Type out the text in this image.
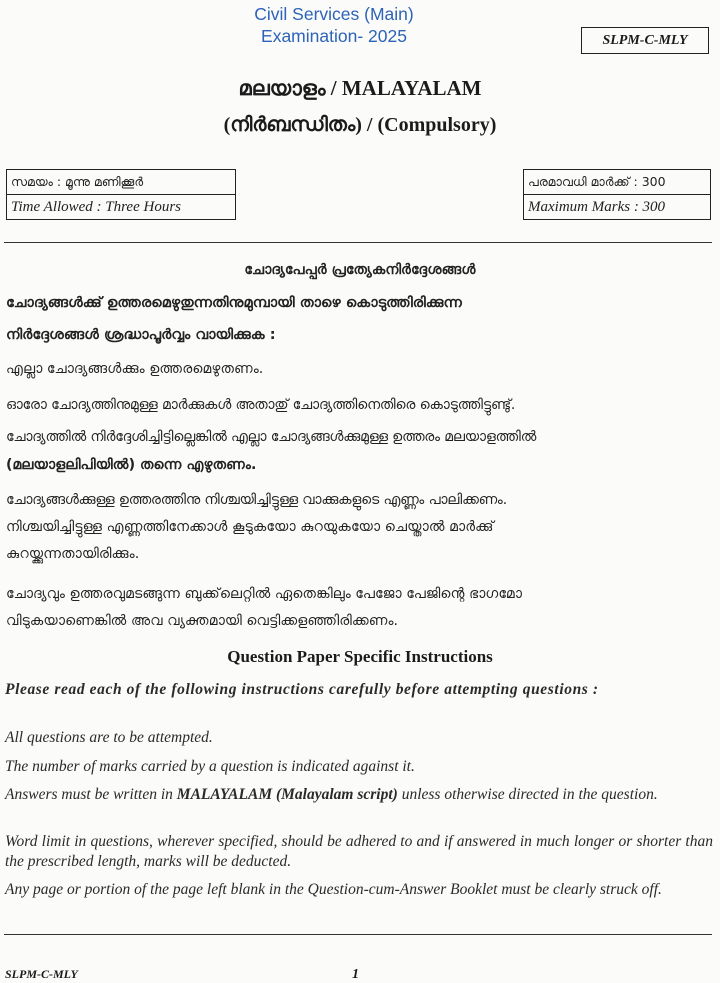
Civil Services (Main)
Examination- 2025	SLPM-C-MLY
മലയാളം / MALAYALAM
(നിർബന്ധിതം) / (Compulsory)
സമയം : മൂന്നു മണിക്കൂർ
Time Allowed : Three Hours
പരമാവധി മാർക്ക് : 300
Maximum Marks : 300
ചോദ്യപേപ്പർ പ്രത്യേകനിർദ്ദേശങ്ങൾ
ചോദ്യങ്ങൾക്കു് ഉത്തരമെഴുതുന്നതിനുമുമ്പായി താഴെ കൊടുത്തിരിക്കുന്ന
നിർദ്ദേശങ്ങൾ ശ്രദ്ധാപൂർവ്വം വായിക്കുക :
എല്ലാ ചോദ്യങ്ങൾക്കും ഉത്തരമെഴുതണം.
ഓരോ ചോദ്യത്തിനുമുള്ള മാർക്കുകൾ അതാതു് ചോദ്യത്തിനെതിരെ കൊടുത്തിട്ടുണ്ടു്.
ചോദ്യത്തിൽ നിർദ്ദേശിച്ചിട്ടില്ലെങ്കിൽ എല്ലാ ചോദ്യങ്ങൾക്കുമുള്ള ഉത്തരം മലയാളത്തിൽ
(മലയാളലിപിയിൽ) തന്നെ എഴുതണം.
ചോദ്യങ്ങൾക്കുള്ള ഉത്തരത്തിനു നിശ്ചയിച്ചിട്ടുള്ള വാക്കുകളുടെ എണ്ണം പാലിക്കണം.
നിശ്ചയിച്ചിട്ടുള്ള എണ്ണത്തിനേക്കാൾ കൂടുകയോ കുറയുകയോ ചെയ്താൽ മാർക്കു്
കുറയ്ക്കുന്നതായിരിക്കും.
ചോദ്യവും ഉത്തരവുമടങ്ങുന്ന ബുക്ക്‌ലെറ്റിൽ ഏതെങ്കിലും പേജോ പേജിന്റെ ഭാഗമോ
വിടുകയാണെങ്കിൽ അവ വ്യക്തമായി വെട്ടിക്കളഞ്ഞിരിക്കണം.
Question Paper Specific Instructions
Please read each of the following instructions carefully before attempting questions :
All questions are to be attempted.
The number of marks carried by a question is indicated against it.
Answers must be written in MALAYALAM (Malayalam script) unless otherwise directed in the question.
Word limit in questions, wherever specified, should be adhered to and if answered in much longer or shorter than the prescribed length, marks will be deducted.
Any page or portion of the page left blank in the Question-cum-Answer Booklet must be clearly struck off.
SLPM-C-MLY	1
